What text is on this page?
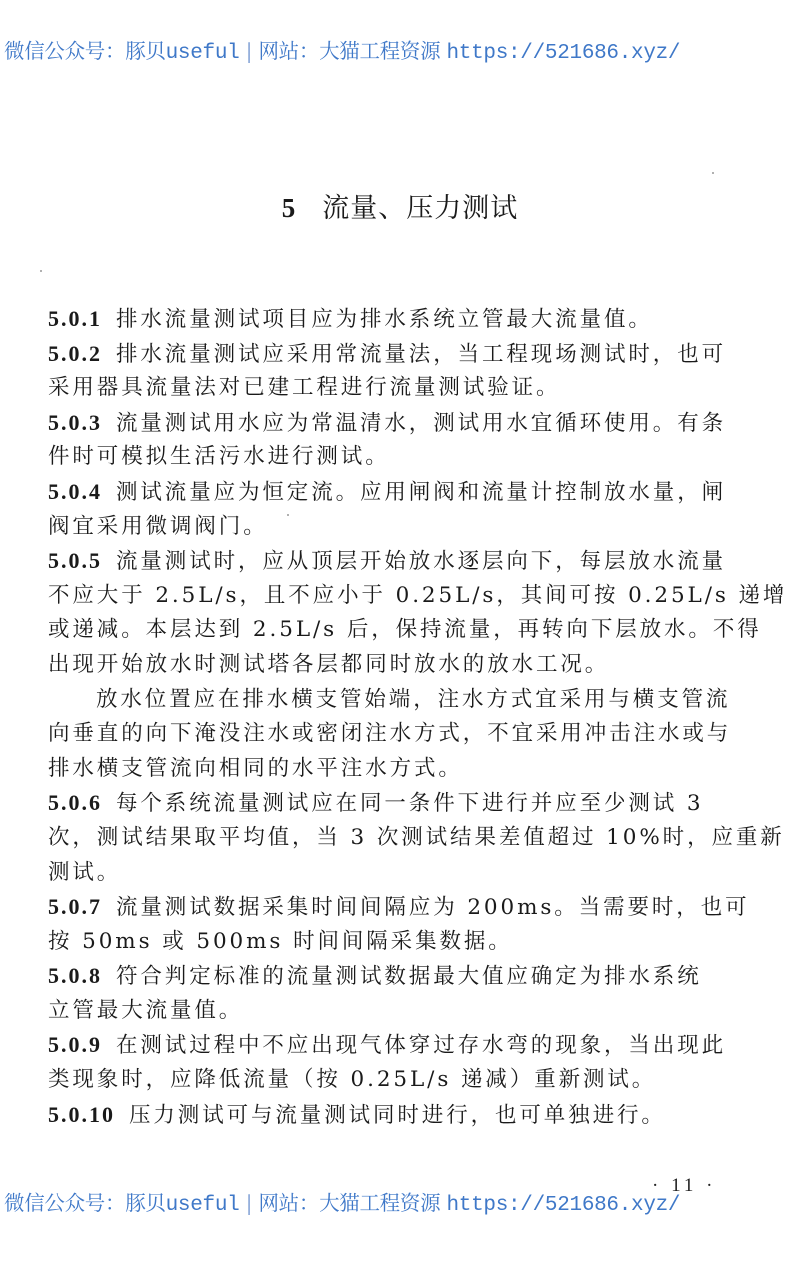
微信公众号：豚贝useful | 网站：大猫工程资源 https://521686.xyz/
5 流量、压力测试
5.0.1 排水流量测试项目应为排水系统立管最大流量值。
5.0.2 排水流量测试应采用常流量法，当工程现场测试时，也可
采用器具流量法对已建工程进行流量测试验证。
5.0.3 流量测试用水应为常温清水，测试用水宜循环使用。有条
件时可模拟生活污水进行测试。
5.0.4 测试流量应为恒定流。应用闸阀和流量计控制放水量，闸
阀宜采用微调阀门。
5.0.5 流量测试时，应从顶层开始放水逐层向下，每层放水流量
不应大于 2.5L/s，且不应小于 0.25L/s，其间可按 0.25L/s 递增
或递减。本层达到 2.5L/s 后，保持流量，再转向下层放水。不得
出现开始放水时测试塔各层都同时放水的放水工况。
放水位置应在排水横支管始端，注水方式宜采用与横支管流
向垂直的向下淹没注水或密闭注水方式，不宜采用冲击注水或与
排水横支管流向相同的水平注水方式。
5.0.6 每个系统流量测试应在同一条件下进行并应至少测试 3
次，测试结果取平均值，当 3 次测试结果差值超过 10%时，应重新
测试。
5.0.7 流量测试数据采集时间间隔应为 200ms。当需要时，也可
按 50ms 或 500ms 时间间隔采集数据。
5.0.8 符合判定标准的流量测试数据最大值应确定为排水系统
立管最大流量值。
5.0.9 在测试过程中不应出现气体穿过存水弯的现象，当出现此
类现象时，应降低流量（按 0.25L/s 递减）重新测试。
5.0.10 压力测试可与流量测试同时进行，也可单独进行。
· 11 ·
微信公众号：豚贝useful | 网站：大猫工程资源 https://521686.xyz/
